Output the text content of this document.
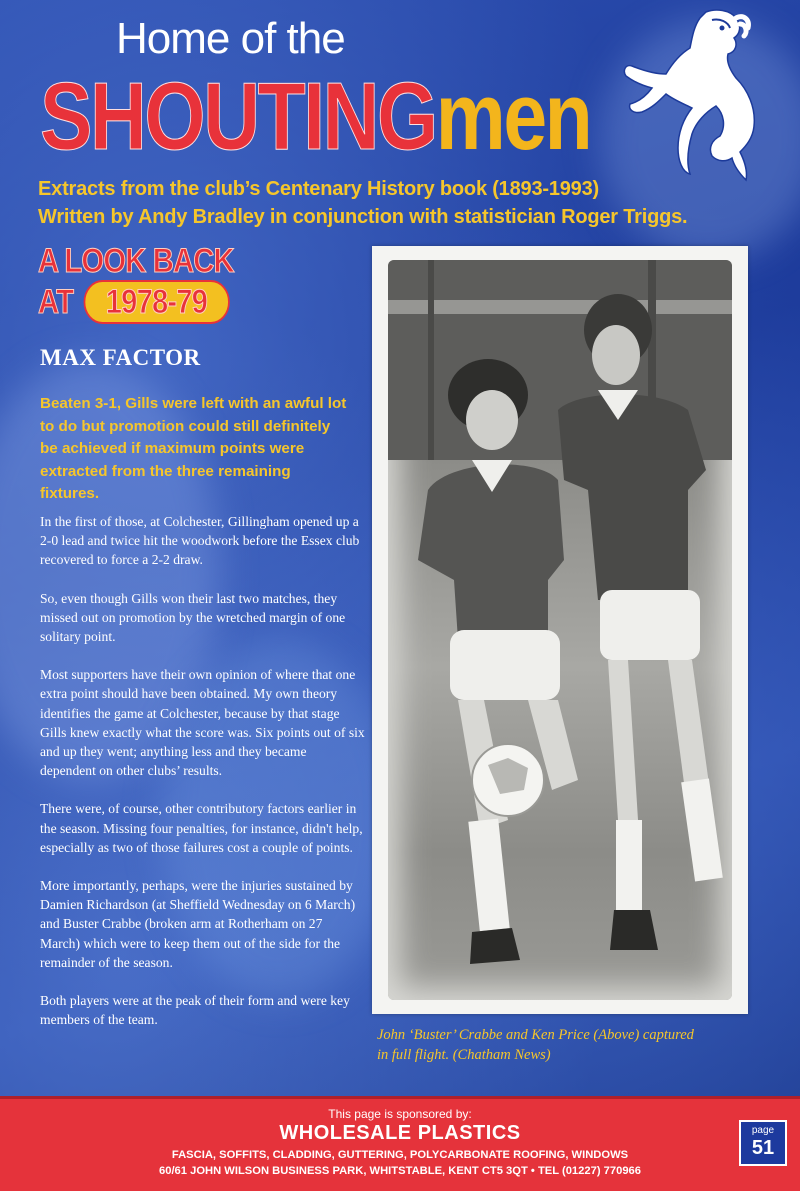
Home of the
SHOUTINGmen
Extracts from the club’s Centenary History book (1893-1993)
Written by Andy Bradley in conjunction with statistician Roger Triggs.
A LOOK BACK
AT 1978-79
MAX FACTOR
Beaten 3-1, Gills were left with an awful lot to do but promotion could still definitely be achieved if maximum points were extracted from the three remaining fixtures.

In the first of those, at Colchester, Gillingham opened up a 2-0 lead and twice hit the woodwork before the Essex club recovered to force a 2-2 draw.

So, even though Gills won their last two matches, they missed out on promotion by the wretched margin of one solitary point.

Most supporters have their own opinion of where that one extra point should have been obtained. My own theory identifies the game at Colchester, because by that stage Gills knew exactly what the score was. Six points out of six and up they went; anything less and they became dependent on other clubs’ results.

There were, of course, other contributory factors earlier in the season. Missing four penalties, for instance, didn't help, especially as two of those failures cost a couple of points.

More importantly, perhaps, were the injuries sustained by Damien Richardson (at Sheffield Wednesday on 6 March) and Buster Crabbe (broken arm at Rotherham on 27 March) which were to keep them out of the side for the remainder of the season.

Both players were at the peak of their form and were key members of the team.

John ‘Buster’ Crabbe and Ken Price (Above) captured
in full flight. (Chatham News)
This page is sponsored by:
WHOLESALE PLASTICS
FASCIA, SOFFITS, CLADDING, GUTTERING, POLYCARBONATE ROOFING, WINDOWS
60/61 JOHN WILSON BUSINESS PARK, WHITSTABLE, KENT CT5 3QT • TEL (01227) 770966
page
51
